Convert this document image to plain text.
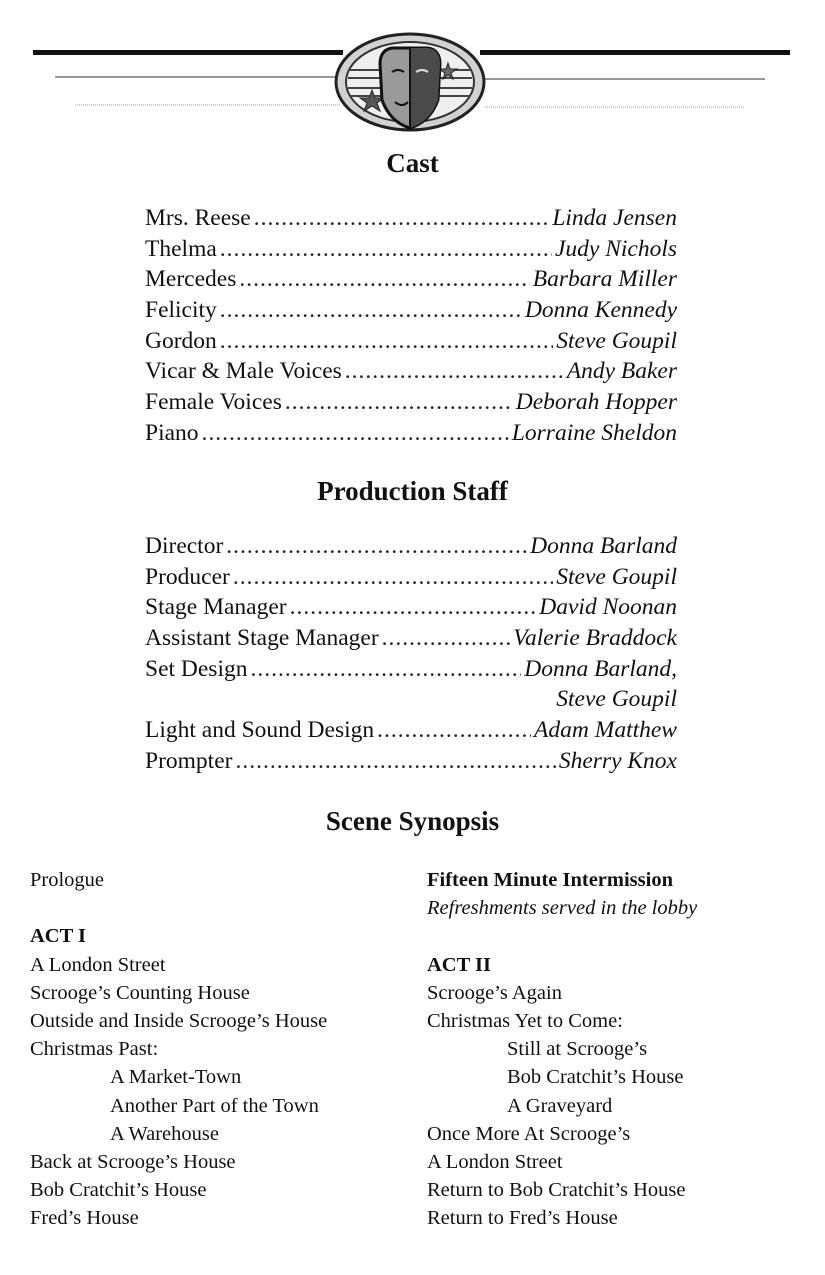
Cast
Mrs. Reese .....	Linda Jensen
Thelma .....	Judy Nichols
Mercedes .....	Barbara Miller
Felicity .....	Donna Kennedy
Gordon .....	Steve Goupil
Vicar & Male Voices .....	Andy Baker
Female Voices .....	Deborah Hopper
Piano .....	Lorraine Sheldon
Production Staff
Director .....	Donna Barland
Producer .....	Steve Goupil
Stage Manager .....	David Noonan
Assistant Stage Manager .....	Valerie Braddock
Set Design .....	Donna Barland,
Steve Goupil
Light and Sound Design .....	Adam Matthew
Prompter .....	Sherry Knox
Scene Synopsis
Prologue
ACT I
A London Street
Scrooge’s Counting House
Outside and Inside Scrooge’s House
Christmas Past:
A Market-Town
Another Part of the Town
A Warehouse
Back at Scrooge’s House
Bob Cratchit’s House
Fred’s House
Fifteen Minute Intermission
Refreshments served in the lobby
ACT II
Scrooge’s Again
Christmas Yet to Come:
Still at Scrooge’s
Bob Cratchit’s House
A Graveyard
Once More At Scrooge’s
A London Street
Return to Bob Cratchit’s House
Return to Fred’s House
